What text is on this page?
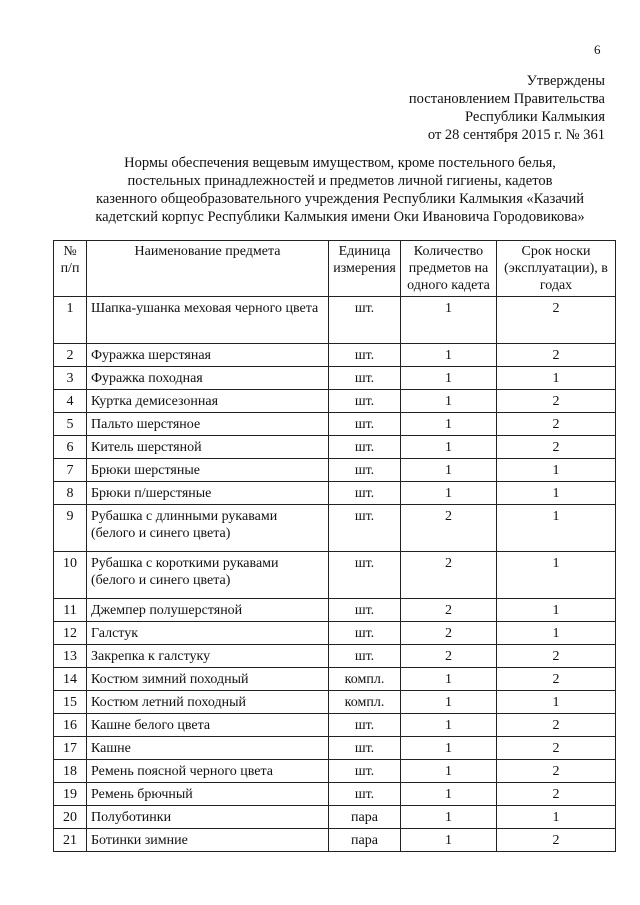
6
Утверждены
постановлением Правительства
Республики Калмыкия
от 28 сентября 2015 г. № 361
Нормы обеспечения вещевым имуществом, кроме постельного белья,
постельных принадлежностей и предметов личной гигиены, кадетов
казенного общеобразовательного учреждения Республики Калмыкия «Казачий
кадетский корпус Республики Калмыкия имени Оки Ивановича Городовикова»
№ п/п	Наименование предмета	Единица измерения	Количество предметов на одного кадета	Срок носки (эксплуатации), в годах
1	Шапка-ушанка меховая черного цвета	шт.	1	2
2	Фуражка шерстяная	шт.	1	2
3	Фуражка походная	шт.	1	1
4	Куртка демисезонная	шт.	1	2
5	Пальто шерстяное	шт.	1	2
6	Китель шерстяной	шт.	1	2
7	Брюки шерстяные	шт.	1	1
8	Брюки п/шерстяные	шт.	1	1
9	Рубашка с длинными рукавами (белого и синего цвета)	шт.	2	1
10	Рубашка с короткими рукавами (белого и синего цвета)	шт.	2	1
11	Джемпер полушерстяной	шт.	2	1
12	Галстук	шт.	2	1
13	Закрепка к галстуку	шт.	2	2
14	Костюм зимний походный	компл.	1	2
15	Костюм летний походный	компл.	1	1
16	Кашне белого цвета	шт.	1	2
17	Кашне	шт.	1	2
18	Ремень поясной черного цвета	шт.	1	2
19	Ремень брючный	шт.	1	2
20	Полуботинки	пара	1	1
21	Ботинки зимние	пара	1	2
